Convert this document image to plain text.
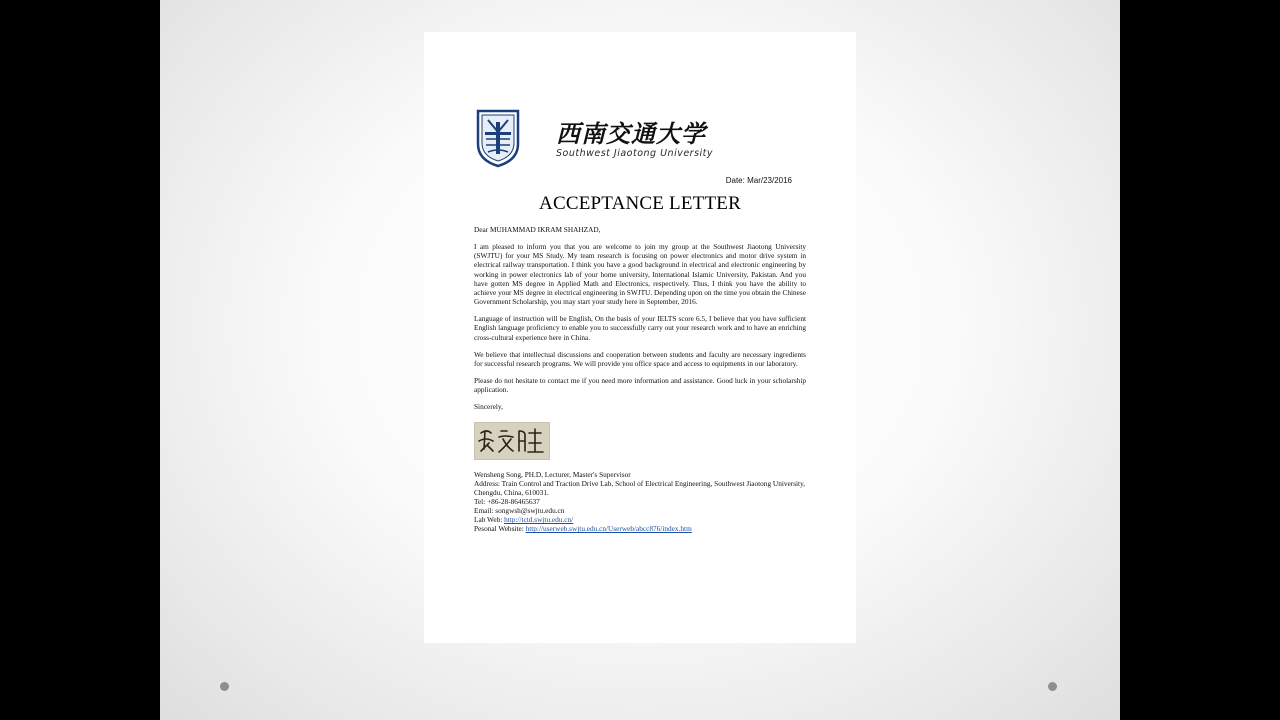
西南交通大学
Southwest Jiaotong University
Date: Mar/23/2016
ACCEPTANCE LETTER

Dear MUHAMMAD IKRAM SHAHZAD,

I am pleased to inform you that you are welcome to join my group at the Southwest Jiaotong University (SWJTU) for your MS Study. My team research is focusing on power electronics and motor drive system in electrical railway transportation. I think you have a good background in electrical and electronic engineering by working in power electronics lab of your home university, International Islamic University, Pakistan. And you have gotten MS degree in Applied Math and Electronics, respectively. Thus, I think you have the ability to achieve your MS degree in electrical engineering in SWJTU. Depending upon on the time you obtain the Chinese Government Scholarship, you may start your study here in September, 2016.

Language of instruction will be English, On the basis of your IELTS score 6.5, I believe that you have sufficient English language proficiency to enable you to successfully carry out your research work and to have an enriching cross-cultural experience here in China.

We believe that intellectual discussions and cooperation between students and faculty are necessary ingredients for successful research programs. We will provide you office space and access to equipments in our laboratory.

Please do not hesitate to contact me if you need more information and assistance. Good luck in your scholarship application.

Sincerely,

Wensheng Song, PH.D, Lecturer, Master's Supervisor

Address: Train Control and Traction Drive Lab, School of Electrical Engineering, Southwest Jiaotong University, Chengdu, China, 610031.

Tel: +86-28-86465637

Email: songwsh@swjtu.edu.cn

Lab Web: http://tctd.swjtu.edu.cn/

Pesonal Website: http://userweb.swjtu.edu.cn/Userweb/abcc876/index.htm
